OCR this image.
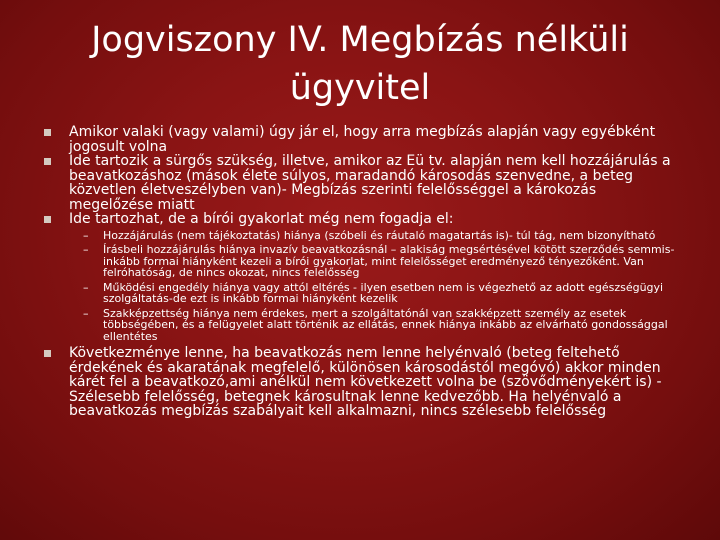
Jogviszony IV. Megbízás nélküli ügyvitel
Amikor valaki (vagy valami) úgy jár el, hogy arra megbízás alapján vagy egyébként jogosult volna
Ide tartozik a sürgős szükség, illetve, amikor az Eü tv. alapján nem kell hozzájárulás a beavatkozáshoz (mások élete súlyos, maradandó károsodás szenvedne, a beteg közvetlen életveszélyben van)- Megbízás szerinti felelősséggel a károkozás megelőzése miatt
Ide tartozhat, de a bírói gyakorlat még nem fogadja el:
– Hozzájárulás (nem tájékoztatás) hiánya (szóbeli és ráutaló magatartás is)- túl tág, nem bizonyítható
– Írásbeli hozzájárulás hiánya invazív beavatkozásnál – alakiság megsértésével kötött szerződés semmis-inkább formai hiányként kezeli a bírói gyakorlat, mint felelősséget eredményező tényezőként. Van felróhatóság, de nincs okozat, nincs felelősség
– Működési engedély hiánya vagy attól eltérés - ilyen esetben nem is végezhető az adott egészségügyi szolgáltatás-de ezt is inkább formai hiányként kezelik
– Szakképzettség hiánya nem érdekes, mert a szolgáltatónál van szakképzett személy az esetek többségében, és a felügyelet alatt történik az ellátás, ennek hiánya inkább az elvárható gondossággal ellentétes
Következménye lenne, ha beavatkozás nem lenne helyénvaló (beteg feltehető érdekének és akaratának megfelelő, különösen károsodástól megóvó) akkor minden kárét fel a beavatkozó,ami anélkül nem következett volna be (szövődményekért is) - Szélesebb felelősség, betegnek károsultnak lenne kedvezőbb. Ha helyénvaló a beavatkozás megbízás szabályait kell alkalmazni, nincs szélesebb felelősség
